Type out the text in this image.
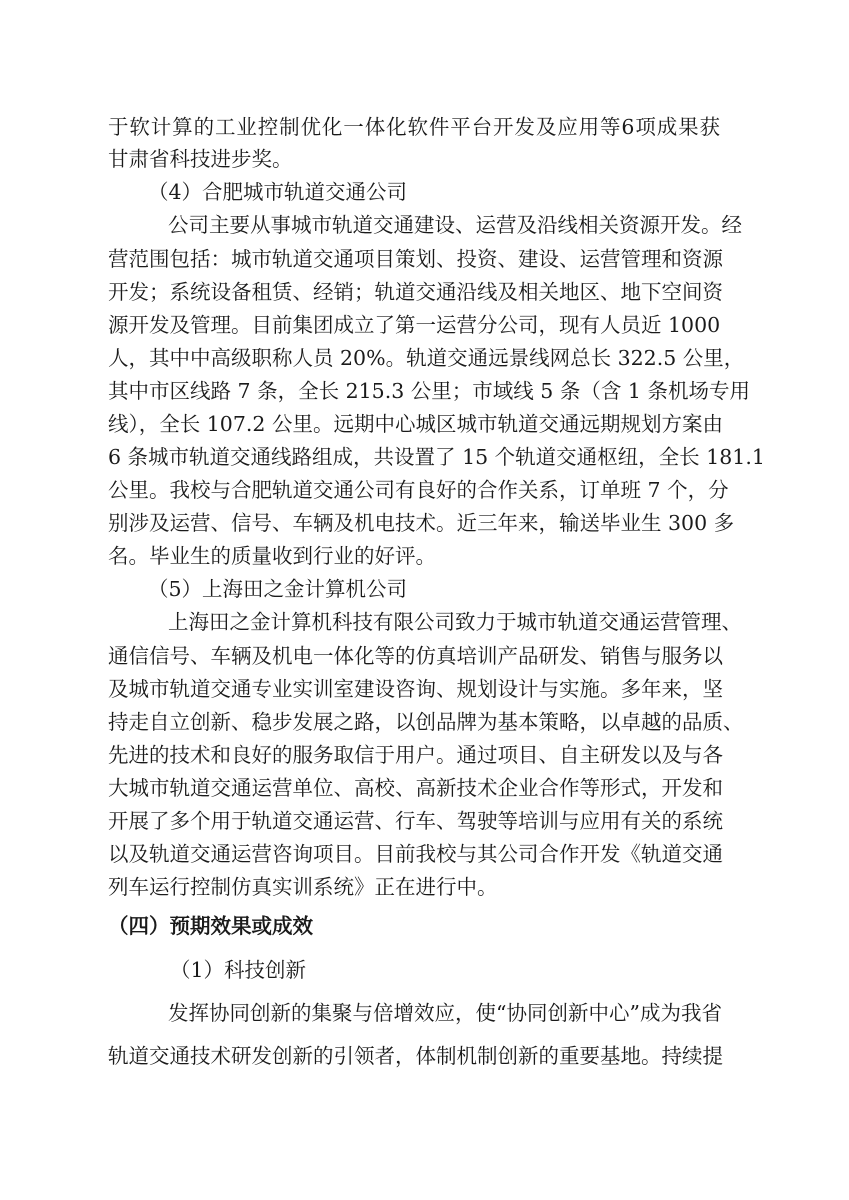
于软计算的工业控制优化一体化软件平台开发及应用等6项成果获
甘肃省科技进步奖。
（4）合肥城市轨道交通公司
公司主要从事城市轨道交通建设、运营及沿线相关资源开发。经
营范围包括：城市轨道交通项目策划、投资、建设、运营管理和资源
开发；系统设备租赁、经销；轨道交通沿线及相关地区、地下空间资
源开发及管理。目前集团成立了第一运营分公司，现有人员近 1000
人，其中中高级职称人员 20%。轨道交通远景线网总长 322.5 公里，
其中市区线路 7 条，全长 215.3 公里；市域线 5 条（含 1 条机场专用
线），全长 107.2 公里。远期中心城区城市轨道交通远期规划方案由
6 条城市轨道交通线路组成，共设置了 15 个轨道交通枢纽，全长 181.1
公里。我校与合肥轨道交通公司有良好的合作关系，订单班 7 个，分
别涉及运营、信号、车辆及机电技术。近三年来，输送毕业生 300 多
名。毕业生的质量收到行业的好评。
（5）上海田之金计算机公司
上海田之金计算机科技有限公司致力于城市轨道交通运营管理、
通信信号、车辆及机电一体化等的仿真培训产品研发、销售与服务以
及城市轨道交通专业实训室建设咨询、规划设计与实施。多年来，坚
持走自立创新、稳步发展之路，以创品牌为基本策略，以卓越的品质、
先进的技术和良好的服务取信于用户。通过项目、自主研发以及与各
大城市轨道交通运营单位、高校、高新技术企业合作等形式，开发和
开展了多个用于轨道交通运营、行车、驾驶等培训与应用有关的系统
以及轨道交通运营咨询项目。目前我校与其公司合作开发《轨道交通
列车运行控制仿真实训系统》正在进行中。
（四）预期效果或成效
（1）科技创新
发挥协同创新的集聚与倍增效应，使“协同创新中心”成为我省
轨道交通技术研发创新的引领者，体制机制创新的重要基地。持续提
